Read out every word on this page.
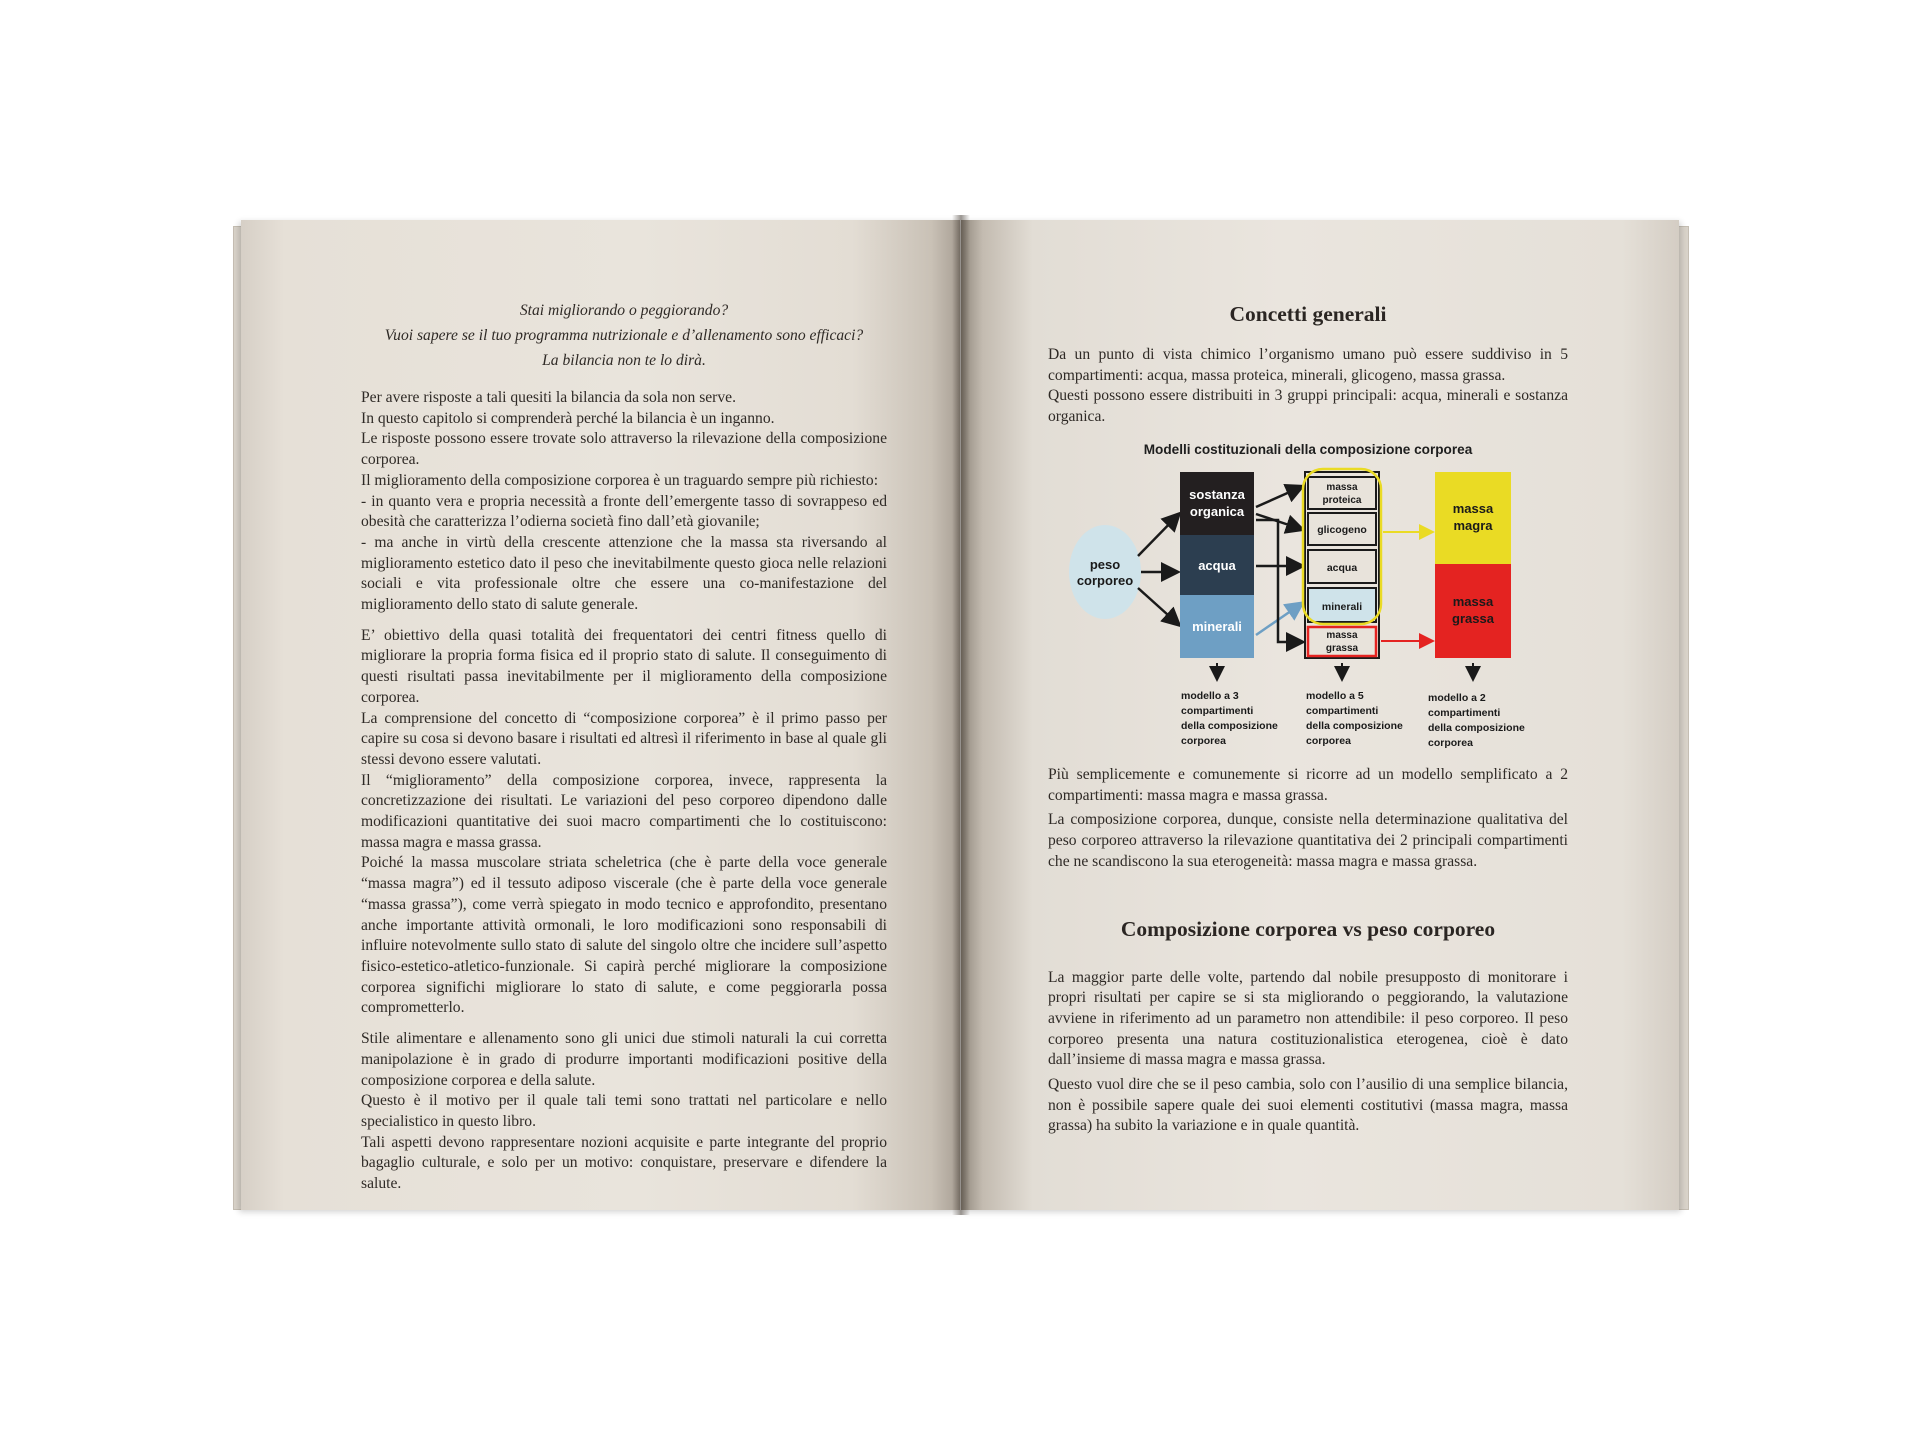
Stai migliorando o peggiorando?
Vuoi sapere se il tuo programma nutrizionale e d’allenamento sono efficaci?
La bilancia non te lo dirà.

Per avere risposte a tali quesiti la bilancia da sola non serve.

In questo capitolo si comprenderà perché la bilancia è un inganno.

Le risposte possono essere trovate solo attraverso la rilevazione della composizione corporea.

Il miglioramento della composizione corporea è un traguardo sempre più richiesto:

- in quanto vera e propria necessità a fronte dell’emergente tasso di sovrappeso ed obesità che caratterizza l’odierna società fino dall’età giovanile;

- ma anche in virtù della crescente attenzione che la massa sta riversando al miglioramento estetico dato il peso che inevitabilmente questo gioca nelle relazioni sociali e vita professionale oltre che essere una co-manifestazione del miglioramento dello stato di salute generale.

E’ obiettivo della quasi totalità dei frequentatori dei centri fitness quello di migliorare la propria forma fisica ed il proprio stato di salute. Il conseguimento di questi risultati passa inevitabilmente per il miglioramento della composizione corporea.

La comprensione del concetto di “composizione corporea” è il primo passo per capire su cosa si devono basare i risultati ed altresì il riferimento in base al quale gli stessi devono essere valutati.

Il “miglioramento” della composizione corporea, invece, rappresenta la concretizzazione dei risultati. Le variazioni del peso corporeo dipendono dalle modificazioni quantitative dei suoi macro compartimenti che lo costituiscono: massa magra e massa grassa.

Poiché la massa muscolare striata scheletrica (che è parte della voce generale “massa magra”) ed il tessuto adiposo viscerale (che è parte della voce generale “massa grassa”), come verrà spiegato in modo tecnico e approfondito, presentano anche importante attività ormonali, le loro modificazioni sono responsabili di influire notevolmente sullo stato di salute del singolo oltre che incidere sull’aspetto fisico-estetico-atletico-funzionale. Si capirà perché migliorare la composizione corporea significhi migliorare lo stato di salute, e come peggiorarla possa comprometterlo.

Stile alimentare e allenamento sono gli unici due stimoli naturali la cui corretta manipolazione è in grado di produrre importanti modificazioni positive della composizione corporea e della salute.

Questo è il motivo per il quale tali temi sono trattati nel particolare e nello specialistico in questo libro.

Tali aspetti devono rappresentare nozioni acquisite e parte integrante del proprio bagaglio culturale, e solo per un motivo: conquistare, preservare e difendere la salute.

Concetti generali

Da un punto di vista chimico l’organismo umano può essere suddiviso in 5 compartimenti: acqua, massa proteica, minerali, glicogeno, massa grassa.

Questi possono essere distribuiti in 3 gruppi principali: acqua, minerali e sostanza organica.

Modelli costituzionali della composizione corporea
peso
corporeo
sostanza
organica
acqua
minerali
massa
proteica
glicogeno
acqua
minerali
massa
grassa
massa
magra
massa
grassa
modello a 3
compartimenti
della composizione
corporea
modello a 5
compartimenti
della composizione
corporea
modello a 2
compartimenti
della composizione
corporea

Più semplicemente e comunemente si ricorre ad un modello semplificato a 2 compartimenti: massa magra e massa grassa.

La composizione corporea, dunque, consiste nella determinazione qualitativa del peso corporeo attraverso la rilevazione quantitativa dei 2 principali compartimenti che ne scandiscono la sua eterogeneità: massa magra e massa grassa.

Composizione corporea vs peso corporeo

La maggior parte delle volte, partendo dal nobile presupposto di monitorare i propri risultati per capire se si sta migliorando o peggiorando, la valutazione avviene in riferimento ad un parametro non attendibile: il peso corporeo. Il peso corporeo presenta una natura costituzionalistica eterogenea, cioè è dato dall’insieme di massa magra e massa grassa.

Questo vuol dire che se il peso cambia, solo con l’ausilio di una semplice bilancia, non è possibile sapere quale dei suoi elementi costitutivi (massa magra, massa grassa) ha subito la variazione e in quale quantità.
